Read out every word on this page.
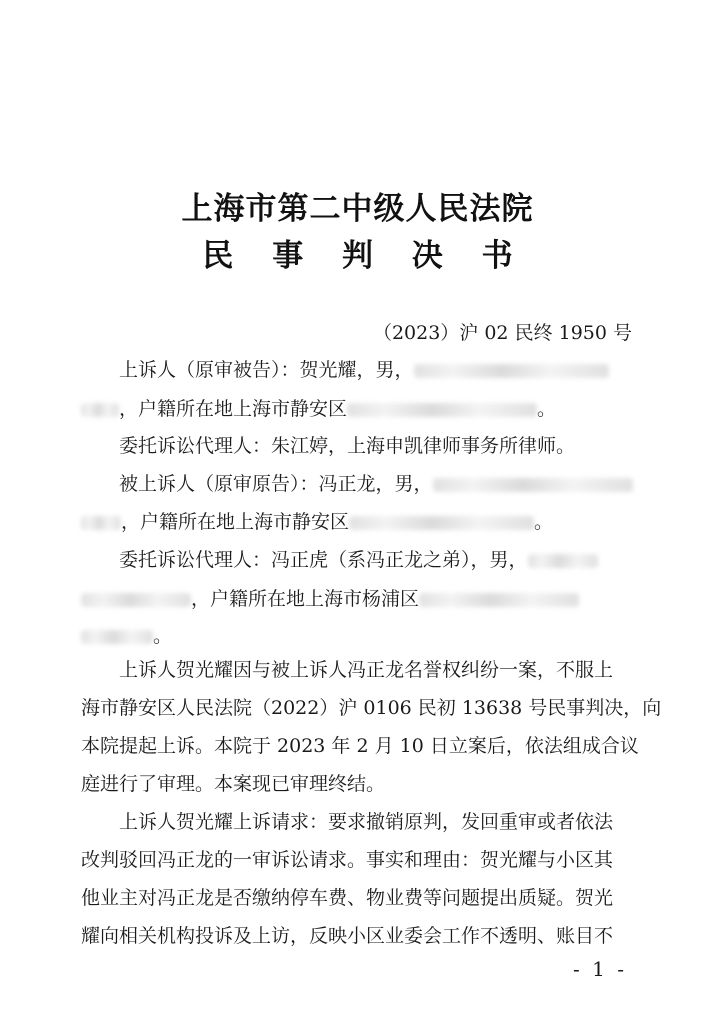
上海市第二中级人民法院
民 事 判 决 书
（2023）沪 02 民终 1950 号
上诉人（原审被告）：贺光耀，男，
，户籍所在地上海市静安区	。
委托诉讼代理人：朱江婷，上海申凯律师事务所律师。
被上诉人（原审原告）：冯正龙，男，
，户籍所在地上海市静安区	。
委托诉讼代理人：冯正虎（系冯正龙之弟），男，
，户籍所在地上海市杨浦区
。
上诉人贺光耀因与被上诉人冯正龙名誉权纠纷一案，不服上
海市静安区人民法院（2022）沪 0106 民初 13638 号民事判决，向
本院提起上诉。本院于 2023 年 2 月 10 日立案后，依法组成合议
庭进行了审理。本案现已审理终结。
上诉人贺光耀上诉请求：要求撤销原判，发回重审或者依法
改判驳回冯正龙的一审诉讼请求。事实和理由：贺光耀与小区其
他业主对冯正龙是否缴纳停车费、物业费等问题提出质疑。贺光
耀向相关机构投诉及上访，反映小区业委会工作不透明、账目不
- 1 -
